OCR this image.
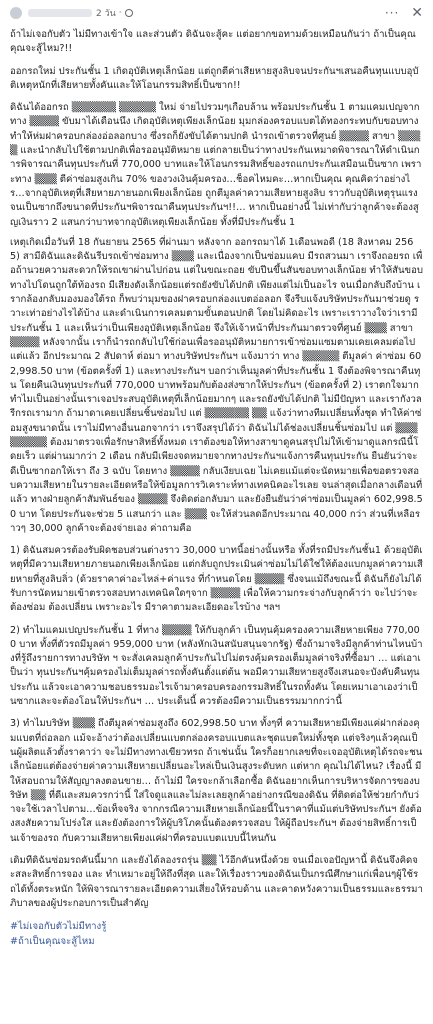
2 วัน ·	··· ✕

ถ้าไม่เจอกับตัว ไม่มีทางเข้าใจ และส่วนตัว ดิฉันจะสู้คะ แต่อยากขอทามด้วยเหมือนกันว่า ถ้าเป็นคุณ คุณจะสู้ไหม?!!

ออกรถใหม่ ประกันชั้น 1 เกิดอุบัติเหตุเล็กน้อย แต่ถูกตีค่าเสียหายสูงลิบจนประกันฯเสนอคืนทุนแบบอุบัติเหตุหนักที่เสียหายทั้งคันและให้โอนกรรมสิทธิ์เป็นซาก!!

ดิฉันได้ออกรถ ▒▒▒▒▒▒ ▒▒▒▒▒ ใหม่ จ่ายไปรวมๆเกือบล้าน พร้อมประกันชั้น 1 ตามแคมเปญจากทาง ▒▒▒▒ ขับมาได้เดือนนึง เกิดอุบัติเหตุเพียงเล็กน้อย มุมกล่องครอบแบตได้ทองกระทบกับขอบทางทำให้ห่มฝาครอบกล่องอ่อลอกบาง ซึ่งรถก็ยังขับได้ตามปกติ นำรถเข้าตรวจที่ศูนย์ ▒▒▒▒ สาขา ▒▒▒▒ และนำกลับไปใช้ตามปกติเพื่อรออนุมัติหมาย แต่กลายเป็นว่าทางประกันเหมาดพิจารณาให้ดำเนินการพิจารณาคืนทุนประกันที่ 770,000 บาทและให้โอนกรรมสิทธิ์ของรถแกประกันเสมือนเป็นซาก เพราะทาง ▒▒▒ ตีค่าซ่อมสูงเกิน 70% ของวงเงินคุ้มครอง…ช็อคไหมคะ…หากเป็นคุณ คุณคิดว่าอย่างไร…จากอุบัติเหตุที่เสียหายภายนอกเพียงเล็กน้อย ถูกตีมูลค่าความเสียหายสูงลิบ ราวกับอุบัติเหตุรุนแรงจนเป็นซากถึงขนาดที่ประกันฯพิจารณาคืนทุนประกันฯ!!… หากเป็นอย่างนี้ ไม่เท่ากับว่าลูกค้าจะต้องสูญเงินราว 2 แสนกว่าบาทจากอุบัติเหตุเพียงเล็กน้อย ทั้งที่มีประกันชั้น 1

เหตุเกิดเมื่อวันที่ 18 กันยายน 2565 ที่ผ่านมา หลังจาก ออกรถมาได้ 1เดือนพอดี (18 สิงหาคม 2565) สามีดิฉันและดิฉันรีบรถเข้าซ่อมทาง ▒▒▒ และเนื่องจากเป็นซ่อมแคบ มีรถสวนมา เราจึงถอยรถ เพื่อถ้านวยความสะดวกให้รถเขาผ่านไปก่อน แต่ในขณะถอย ขับปีนขึ้นสันขอบทางเล็กน้อย ทำให้สันขอบทางไปโดนถูกใต้ท้องรถ มีเสียงดังเล็กน้อยแต่รถยังขับได้ปกติ เพียงแต่ไม่เป็นอะไร จนเมื่อกลับถึงบ้าน เรากล้องกลับมองมองใต้รถ ก็พบว่ามุมของฝาครอบกล่องแบตอ่อลอก จึงรีบแจ้งบริษัทประกันมาช่วยดู รวาะเท่าอย่างไรได้บ้าง และดำเนินการเคลมตามขั้นตอนปกติ โดยไม่คิดอะไร เพราะเราวางใจว่าเรามีประกันชั้น 1 และเห็นว่าเป็นเพียงอุบัติเหตุเล็กน้อย จึงให้เจ้าหน้าที่ประกันมาตรวจที่ศูนย์ ▒▒▒ สาขา ▒▒▒▒ หลังจากนั้น เราก็นำรถกลับไปใช้ก่อนเพื่อรออนุมัติหมายการเข้าซ่อมแซมตามเคยเคลมต่อไป แต่แล้ว อีกประมาณ 2 สัปดาห์ ต่อมา ทางบริษัทประกันฯ แจ้งมาว่า ทาง ▒▒▒▒▒ ตีมูลค่า ค่าซ่อม 602,998.50 บาท (ข้อตครั้งที่ 1) และทางประกันฯ บอกว่าเห็นมูลค่าที่ประกันชั้น 1 จึงต้องพิจารณาคืนทุน โดยคืนเงินทุนประกันที่ 770,000 บาทพร้อมกับต้องส่งซากให้ประกันฯ (ข้อตครั้งที่ 2) เราตกใจมาก ทำไมเป็นอย่างนั้นเราเจอประสบอุบัติเหตุที่เล็กน้อยมากๆ และรถยังขับได้ปกติ ไม่มีปัญหา และเรากังวลรีกรถเรามาก ถ้ามาดาเคยเปลี่ยนชิ้นซ่อมไป แต่ ▒▒▒▒▒▒ ▒▒ แจ้งว่าทางทีมเปลี่ยนทั้งชุด ทำให้ค่าซ่อมสูงขนาดนั้น เราไม่มีทางอื่นนอกจากว่า เราจึงสรุปได้ว่า ดิฉันไม่ได้ช่องเปลี่ยนชิ้นซ่อมไป แต่ ▒▒▒▒▒▒▒▒ ต้องมาตรวจเพื่อรักษาสิทธิ์ทั้งหมด เราต้องขอให้ทางสาขาดูคนสรุปไม่ให้เข้ามาดูแลกรณีนี้โดยเร็ว แต่ผ่านมากว่า 2 เดือน กลับมีเพียงจดหมายจากทางประกันฯแจ้งการคืนทุนประกัน ยืนยันว่าจะดีเป็นซากอกให้เรา ถึง 3 ฉบับ โดยทาง ▒▒▒▒ กลับเงียบเฉย ไม่เคยแม้แต่จะนัดหมายเพื่อขอตรวจสอบความเสียหายในรายละเอียดหรือให้ข้อมูลการวิเคราะห์ทางเทคนิคอะไรเลย จนล่าสุดเมื่อกลางเดือนที่แล้ว ทางฝ่ายลูกค้าสัมพันธ์ของ ▒▒▒▒ จึงติดต่อกลับมา และยังยืนยันว่าค่าซ่อมเป็นมูลค่า 602,998.50 บาท โดยประกันจะช่วย 5 แสนกว่า และ ▒▒▒ จะให้ส่วนลดอีกประมาณ 40,000 กว่า ส่วนที่เหลือราวๆ 30,000 ลูกค้าจะต้องจ่ายเอง ค่าถามคือ

1) ดิฉันสมควรต้องรับผิดชอบส่วนต่างราว 30,000 บาทนี้อย่างนั้นหรือ ทั้งที่รถมีประกันชั้น1 ด้วยอุบัติเหตุที่มีความเสียหายภายนอกเพียงเล็กน้อย แต่กลับถูกประเมินค่าซ่อมไม่ได้ใช่ให้ต้องแบกมูลค่าความเสียหายที่สูงลิบลิ่ว (ด้วยราคาค่าอะไหล่+ค่าแรง ที่กำหนดโดย ▒▒▒▒ ซึ่งจนแม้ถึงขณะนี้ ดิฉันก็ยังไม่ได้รับการนัดหมายเข้าตรวจสอบทางเทคนิคใดๆจาก ▒▒▒▒ เพื่อให้ความกระจ่างกับลูกค้าว่า จะไปว่าจะต้องซ่อม ต้องเปลี่ยน เพราะอะไร มีราคาตามละเอียดอะไรบ้าง ฯลฯ

2) ทำไมแคมเปญประกันชั้น 1 ที่ทาง ▒▒▒▒ ให้กับลูกค้า เป็นทุนคุ้มครองความเสียหายเพียง 770,000 บาท ทั้งที่ตัวรถมีมูลค่า 959,000 บาท (หลังหักเงินสนับสนุนจากรัฐ) ซึ่งถ้ามาจริงมีลูกค้าท่านไหนบ้างที่รู้ถึงรายการทางบริษัท ฯ จะสั่งเคลมลูกค้าประกันไปไม่ตรงคุ้มครองเต็มมูลค่าจริงที่ซื้อมา … แต่เอาเป็นว่า ทุนประกันฯคุ้มครองไม่เต็มมูลค่ารถทั้งคันตั้งแต่ต้น พอมีความเสียหายสูงจึงเสนอจะบังคับคืนทุนประกัน แล้วจะเอาความชอบธรรมอะไรเจ้ามาครอบครองกรรมสิทธิ์ในรถทั้งคัน โดยเหมาเอาเองว่าเป็นซากและจะต้องโอนให้ประกันฯ … ประเด็นนี้ ควรต้องมีความเป็นธรรมมากกว่านี้

3) ทำไมบริษัท ▒▒▒ ถึงตีมูลค่าซ่อมสูงถึง 602,998.50 บาท ทั้งๆที่ ความเสียหายมีเพียงแค่ฝากล่องคุมแบตที่ถ่อลอก แม้จะอ้างว่าต้องเปลี่ยนแบตกล่องครอบแบตและชุดแบตใหม่ทั้งชุด แต่จริงๆแล้วคุณเป็นผู้ผลิตแล้วตั้งราคาว่า จะไม่มีทางทางเขียวทรถ ถ้าเช่นนั้น ใครก็อยากเลขที่จะเจออุบัติเหตุได้รถจะชนเล็กน้อยแต่ต้องจ่ายค่าความเสียหายเปลี่ยนอะไหล่เป็นเงินสูงระดับหก แต่หาก คุณไม่ได้ไหน? เรื่องนี้ มีให้สอบถามให้สัญญาลงตอนขาย… ถ้าไม่มี ใครจะกล้าเลือกซื้อ ดิฉันอยากเห็นการบริหารจัดการของบริษัท ▒▒ ที่ดีและสมควรกว่านี้ ใส่ใจดูแลและไม่ละเลยลูกค้าอย่างกรณีของดิฉัน ที่ติดต่อให้ช่วยกำกับว่าจะใช้เวลาไปตาม…ข้อเท็จจริง จากกรณีความเสียหายเล็กน้อยนี้ในราคาที่แม้แต่บริษัทประกันฯ ยังต้องสงสัยความโปร่งใส และยังต้องการให้ผู้บริโภคนั้นต้องตรวจสอบ ให้ผู้ถือประกันฯ ต้องจ่ายสิทธิ์การเป็นเจ้าของรถ กับความเสียหายเพียงแค่ฝาที่ครอบแบตแบบนี้ไหนกัน

เดิมทีดิฉันซ่อมรถคันนี้มาก และยังได้ลองรถรุ่น ▒▒ ไว้อีกคันหนึ่งด้วย จนเมื่อเจอปัญหานี้ ดิฉันจึงคิดจะสละสิทธิ์การจอง และ ทำเหมาะอยู่ให้ถึงที่สุด และให้เรื่องราวของดิฉันเป็นกรณีศึกษาแก่เพื่อนๆผู้ใช้รถได้ทั้งตระหนัก ให้พิจารณารายละเอียดความเสี่ยงให้รอบด้าน และคาดหวังความเป็นธรรมและธรรมาภิบาลของผู้ประกอบการเป็นสำคัญ

#ไม่เจอกับตัวไม่มีทางรู้
#ถ้าเป็นคุณจะสู้ไหม
